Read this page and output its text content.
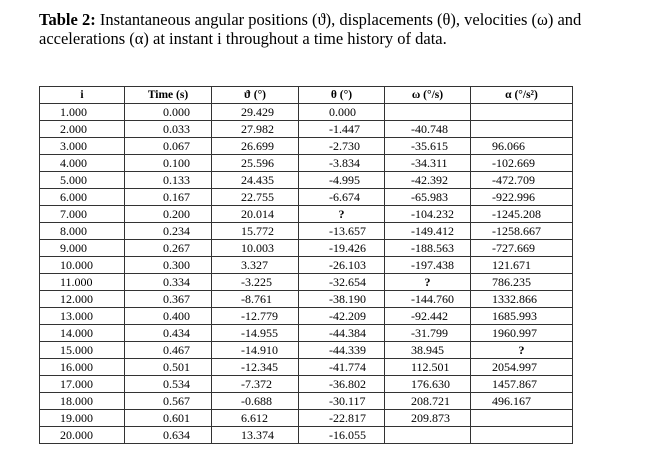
Table 2: Instantaneous angular positions (ϑ), displacements (θ), velocities (ω) and accelerations (α) at instant i throughout a time history of data.
i	Time (s)	ϑ (°)	θ (°)	ω (°/s)	α (°/s²)
1.000	0.000	29.429	0.000		
2.000	0.033	27.982	-1.447	-40.748	
3.000	0.067	26.699	-2.730	-35.615	96.066
4.000	0.100	25.596	-3.834	-34.311	-102.669
5.000	0.133	24.435	-4.995	-42.392	-472.709
6.000	0.167	22.755	-6.674	-65.983	-922.996
7.000	0.200	20.014	?	-104.232	-1245.208
8.000	0.234	15.772	-13.657	-149.412	-1258.667
9.000	0.267	10.003	-19.426	-188.563	-727.669
10.000	0.300	3.327	-26.103	-197.438	121.671
11.000	0.334	-3.225	-32.654	?	786.235
12.000	0.367	-8.761	-38.190	-144.760	1332.866
13.000	0.400	-12.779	-42.209	-92.442	1685.993
14.000	0.434	-14.955	-44.384	-31.799	1960.997
15.000	0.467	-14.910	-44.339	38.945	?
16.000	0.501	-12.345	-41.774	112.501	2054.997
17.000	0.534	-7.372	-36.802	176.630	1457.867
18.000	0.567	-0.688	-30.117	208.721	496.167
19.000	0.601	6.612	-22.817	209.873	
20.000	0.634	13.374	-16.055		
